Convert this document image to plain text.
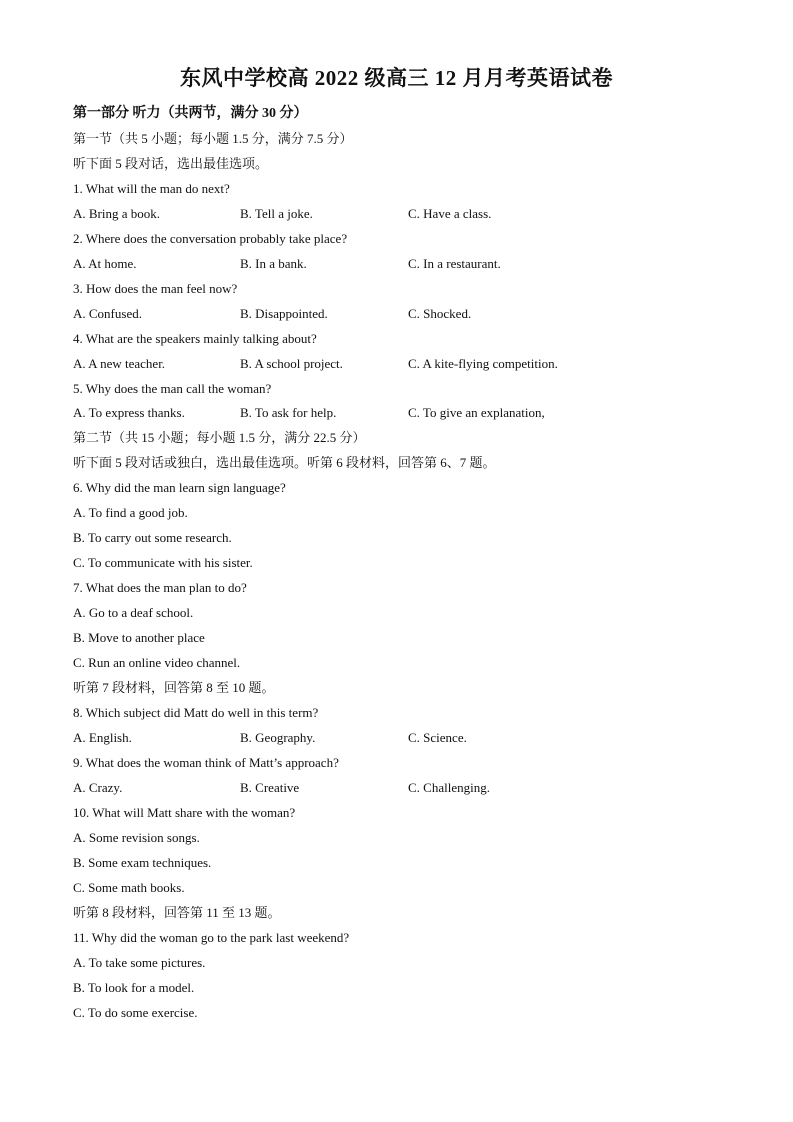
东风中学校高 2022 级高三 12 月月考英语试卷
第一部分 听力（共两节，满分 30 分）
第一节（共 5 小题；每小题 1.5 分，满分 7.5 分）
听下面 5 段对话，选出最佳选项。
1. What will the man do next?
A. Bring a book.	B. Tell a joke.	C. Have a class.
2. Where does the conversation probably take place?
A. At home.	B. In a bank.	C. In a restaurant.
3. How does the man feel now?
A. Confused.	B. Disappointed.	C. Shocked.
4. What are the speakers mainly talking about?
A. A new teacher.	B. A school project.	C. A kite-flying competition.
5. Why does the man call the woman?
A. To express thanks.	B. To ask for help.	C. To give an explanation,
第二节（共 15 小题；每小题 1.5 分，满分 22.5 分）
听下面 5 段对话或独白，选出最佳选项。听第 6 段材料，回答第 6、7 题。
6. Why did the man learn sign language?
A. To find a good job.
B. To carry out some research.
C. To communicate with his sister.
7. What does the man plan to do?
A. Go to a deaf school.
B. Move to another place
C. Run an online video channel.
听第 7 段材料，回答第 8 至 10 题。
8. Which subject did Matt do well in this term?
A. English.	B. Geography.	C. Science.
9. What does the woman think of Matt’s approach?
A. Crazy.	B. Creative	C. Challenging.
10. What will Matt share with the woman?
A. Some revision songs.
B. Some exam techniques.
C. Some math books.
听第 8 段材料，回答第 11 至 13 题。
11. Why did the woman go to the park last weekend?
A. To take some pictures.
B. To look for a model.
C. To do some exercise.
